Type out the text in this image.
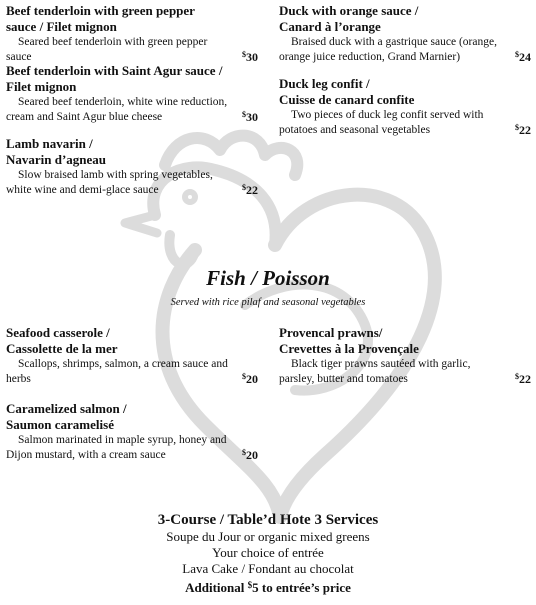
Beef tenderloin with green pepper
sauce / Filet mignon

Seared beef tenderloin with green pepper sauce	$30

Beef tenderloin with Saint Agur sauce /
Filet mignon

Seared beef tenderloin, white wine reduction, cream and Saint Agur blue cheese	$30

Lamb navarin /
Navarin d’agneau

Slow braised lamb with spring vegetables, white wine and demi-glace sauce	$22

Duck with orange sauce /
Canard à l’orange

Braised duck with a gastrique sauce (orange, orange juice reduction, Grand Marnier)	$24

Duck leg confit /
Cuisse de canard confite

Two pieces of duck leg confit served with potatoes and seasonal vegetables	$22
Fish / Poisson

Served with rice pilaf and seasonal vegetables

Seafood casserole /
Cassolette de la mer

Scallops, shrimps, salmon, a cream sauce and herbs	$20

Caramelized salmon /
Saumon caramelisé

Salmon marinated in maple syrup, honey and Dijon mustard, with a cream sauce	$20

Provencal prawns/
Crevettes à la Provençale

Black tiger prawns sautéed with garlic, parsley, butter and tomatoes	$22

3-Course / Table’d Hote 3 Services

Soupe du Jour or organic mixed greens

Your choice of entrée

Lava Cake / Fondant au chocolat

Additional $5 to entrée’s price
